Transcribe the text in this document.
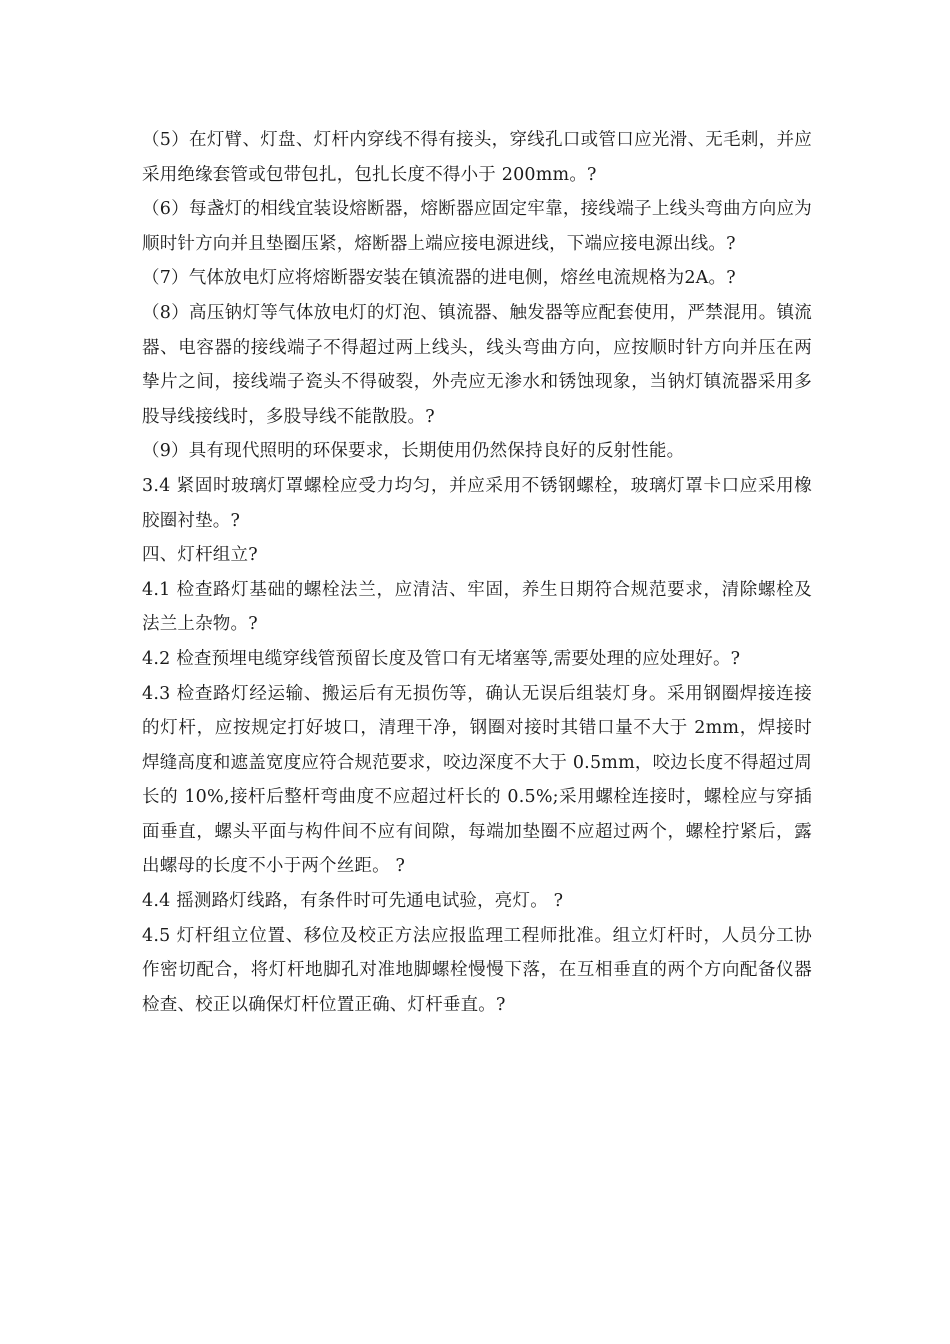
（5）在灯臂、灯盘、灯杆内穿线不得有接头，穿线孔口或管口应光滑、无毛刺，并应采用绝缘套管或包带包扎，包扎长度不得小于 200mm。?

（6）每盏灯的相线宜装设熔断器，熔断器应固定牢靠，接线端子上线头弯曲方向应为顺时针方向并且垫圈压紧，熔断器上端应接电源进线，下端应接电源出线。?

（7）气体放电灯应将熔断器安装在镇流器的进电侧，熔丝电流规格为2A。?

（8）高压钠灯等气体放电灯的灯泡、镇流器、触发器等应配套使用，严禁混用。镇流器、电容器的接线端子不得超过两上线头，线头弯曲方向，应按顺时针方向并压在两挚片之间，接线端子瓷头不得破裂，外壳应无渗水和锈蚀现象，当钠灯镇流器采用多股导线接线时，多股导线不能散股。?

（9）具有现代照明的环保要求，长期使用仍然保持良好的反射性能。

3.4 紧固时玻璃灯罩螺栓应受力均匀，并应采用不锈钢螺栓，玻璃灯罩卡口应采用橡胶圈衬垫。?

四、灯杆组立?

4.1 检查路灯基础的螺栓法兰，应清洁、牢固，养生日期符合规范要求，清除螺栓及法兰上杂物。?

4.2 检查预埋电缆穿线管预留长度及管口有无堵塞等,需要处理的应处理好。?

4.3 检查路灯经运输、搬运后有无损伤等，确认无误后组装灯身。采用钢圈焊接连接的灯杆，应按规定打好坡口，清理干净，钢圈对接时其错口量不大于 2mm，焊接时焊缝高度和遮盖宽度应符合规范要求，咬边深度不大于 0.5mm，咬边长度不得超过周长的 10%,接杆后整杆弯曲度不应超过杆长的 0.5%;采用螺栓连接时，螺栓应与穿插面垂直，螺头平面与构件间不应有间隙，每端加垫圈不应超过两个，螺栓拧紧后，露出螺母的长度不小于两个丝距。 ?

4.4 摇测路灯线路，有条件时可先通电试验，亮灯。 ?

4.5 灯杆组立位置、移位及校正方法应报监理工程师批准。组立灯杆时，人员分工协作密切配合，将灯杆地脚孔对准地脚螺栓慢慢下落，在互相垂直的两个方向配备仪器检查、校正以确保灯杆位置正确、灯杆垂直。?
